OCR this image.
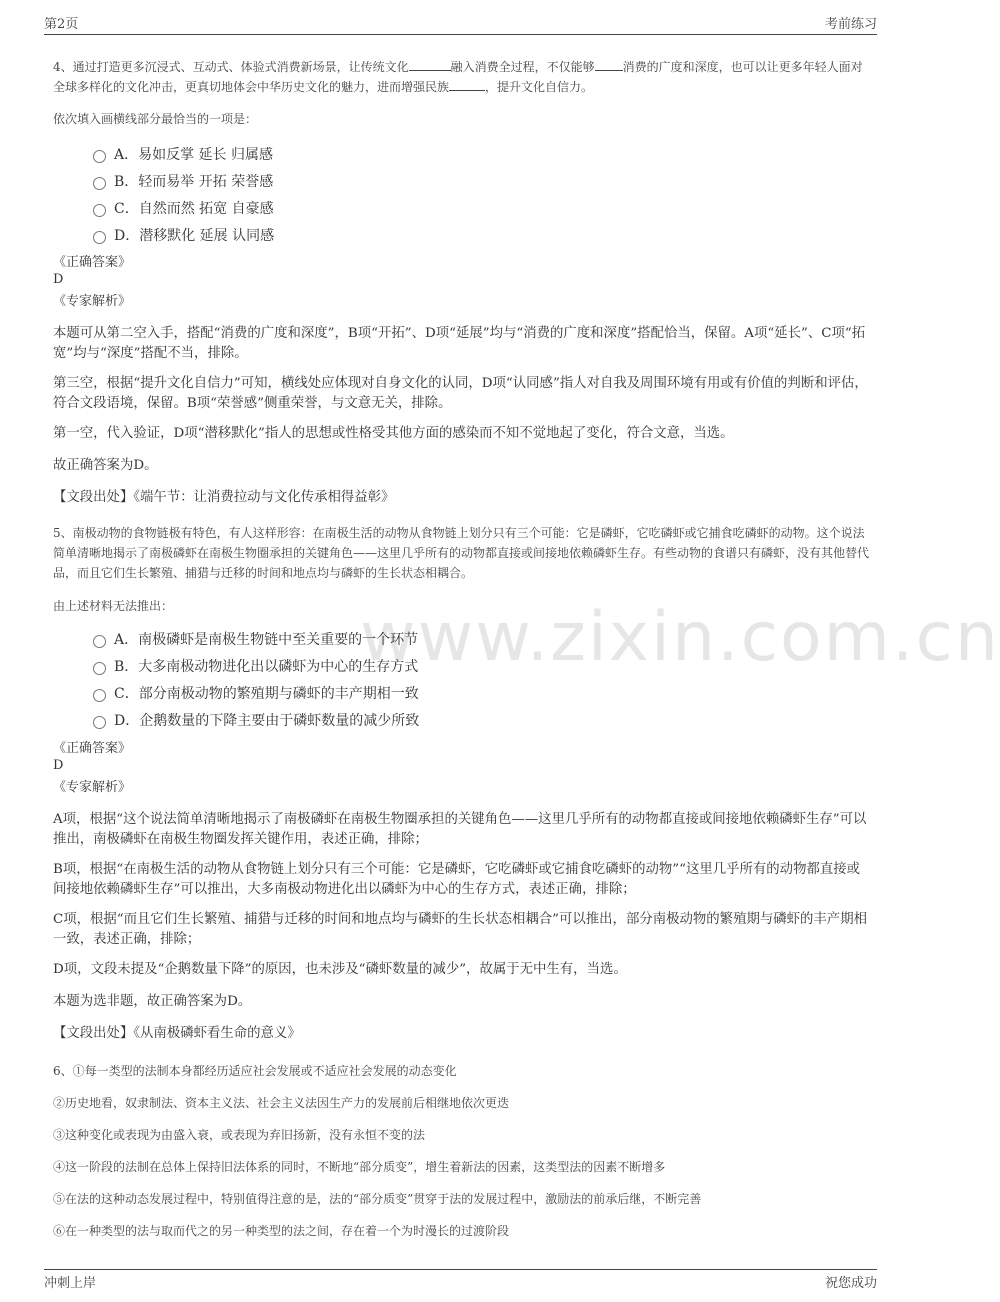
第2页	考前练习
www.zixin.com.cn

4、通过打造更多沉浸式、互动式、体验式消费新场景，让传统文化	融入消费全过程，不仅能够 消费的广度和深度，也可以让更多年轻人面对全球多样化的文化冲击，更真切地体会中华历史文化的魅力，进而增强民族	，提升文化自信力。

依次填入画横线部分最恰当的一项是：
A．易如反掌 延长 归属感
B．轻而易举 开拓 荣誉感
C．自然而然 拓宽 自豪感
D．潜移默化 延展 认同感
《正确答案》
D
《专家解析》

本题可从第二空入手，搭配“消费的广度和深度”，B项“开拓”、D项“延展”均与“消费的广度和深度”搭配恰当，保留。A项“延长”、C项“拓宽”均与“深度”搭配不当，排除。

第三空，根据“提升文化自信力”可知，横线处应体现对自身文化的认同，D项“认同感”指人对自我及周围环境有用或有价值的判断和评估，符合文段语境，保留。B项“荣誉感”侧重荣誉，与文意无关，排除。

第一空，代入验证，D项“潜移默化”指人的思想或性格受其他方面的感染而不知不觉地起了变化，符合文意，当选。

故正确答案为D。

【文段出处】《端午节：让消费拉动与文化传承相得益彰》

5、南极动物的食物链极有特色，有人这样形容：在南极生活的动物从食物链上划分只有三个可能：它是磷虾，它吃磷虾或它捕食吃磷虾的动物。这个说法简单清晰地揭示了南极磷虾在南极生物圈承担的关键角色——这里几乎所有的动物都直接或间接地依赖磷虾生存。有些动物的食谱只有磷虾，没有其他替代品，而且它们生长繁殖、捕猎与迁移的时间和地点均与磷虾的生长状态相耦合。

由上述材料无法推出：
A．南极磷虾是南极生物链中至关重要的一个环节
B．大多南极动物进化出以磷虾为中心的生存方式
C．部分南极动物的繁殖期与磷虾的丰产期相一致
D．企鹅数量的下降主要由于磷虾数量的减少所致
《正确答案》
D
《专家解析》

A项，根据“这个说法简单清晰地揭示了南极磷虾在南极生物圈承担的关键角色——这里几乎所有的动物都直接或间接地依赖磷虾生存”可以推出，南极磷虾在南极生物圈发挥关键作用，表述正确，排除；

B项，根据“在南极生活的动物从食物链上划分只有三个可能：它是磷虾，它吃磷虾或它捕食吃磷虾的动物”“这里几乎所有的动物都直接或间接地依赖磷虾生存”可以推出，大多南极动物进化出以磷虾为中心的生存方式，表述正确，排除；

C项，根据“而且它们生长繁殖、捕猎与迁移的时间和地点均与磷虾的生长状态相耦合”可以推出，部分南极动物的繁殖期与磷虾的丰产期相一致，表述正确，排除；

D项，文段未提及“企鹅数量下降”的原因，也未涉及“磷虾数量的减少”，故属于无中生有，当选。

本题为选非题，故正确答案为D。

【文段出处】《从南极磷虾看生命的意义》

6、①每一类型的法制本身都经历适应社会发展或不适应社会发展的动态变化
②历史地看，奴隶制法、资本主义法、社会主义法因生产力的发展前后相继地依次更迭
③这种变化或表现为由盛入衰，或表现为弃旧扬新，没有永恒不变的法
④这一阶段的法制在总体上保持旧法体系的同时，不断地“部分质变”，增生着新法的因素，这类型法的因素不断增多
⑤在法的这种动态发展过程中，特别值得注意的是，法的“部分质变”贯穿于法的发展过程中，激励法的前承后继，不断完善
⑥在一种类型的法与取而代之的另一种类型的法之间，存在着一个为时漫长的过渡阶段
冲刺上岸	祝您成功
